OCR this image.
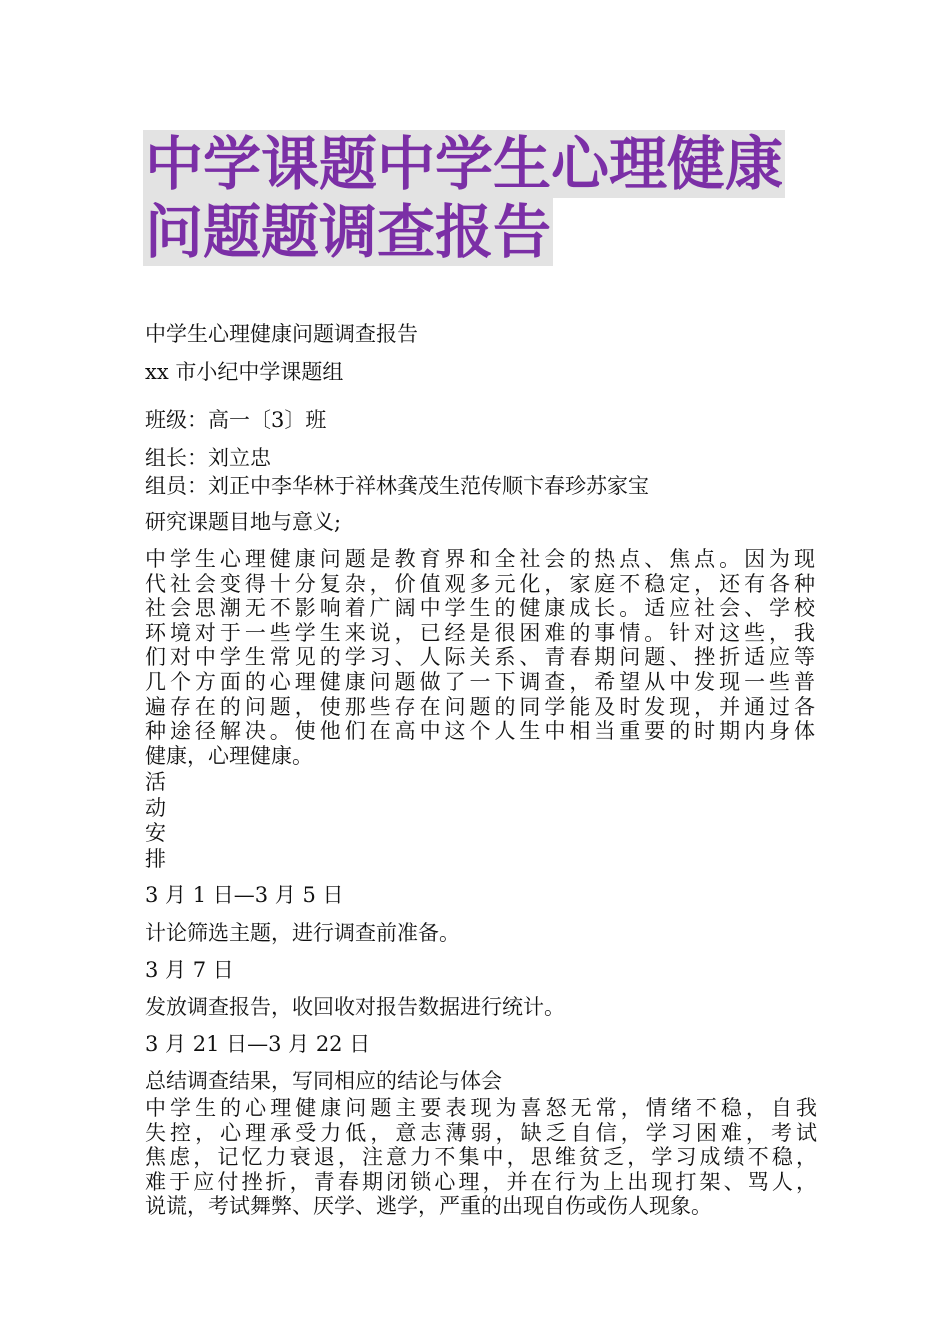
中学课题中学生心理健康
问题题调查报告
中学生心理健康问题调查报告
xx 市小纪中学课题组
班级：高一〔3〕班
组长：刘立忠
组员：刘正中李华林于祥林龚茂生范传顺卞春珍苏家宝
研究课题目地与意义;
中学生心理健康问题是教育界和全社会的热点、焦点。因为现
代社会变得十分复杂，价值观多元化，家庭不稳定，还有各种
社会思潮无不影响着广阔中学生的健康成长。适应社会、学校
环境对于一些学生来说，已经是很困难的事情。针对这些，我
们对中学生常见的学习、人际关系、青春期问题、挫折适应等
几个方面的心理健康问题做了一下调查，希望从中发现一些普
遍存在的问题，使那些存在问题的同学能及时发现，并通过各
种途径解决。使他们在高中这个人生中相当重要的时期内身体
健康，心理健康。
活
动
安
排
3 月 1 日—3 月 5 日
计论筛选主题，进行调查前准备。
3 月 7 日
发放调查报告，收回收对报告数据进行统计。
3 月 21 日—3 月 22 日
总结调查结果，写同相应的结论与体会
中学生的心理健康问题主要表现为喜怒无常，情绪不稳，自我
失控，心理承受力低，意志薄弱，缺乏自信，学习困难，考试
焦虑，记忆力衰退，注意力不集中，思维贫乏，学习成绩不稳，
难于应付挫折，青春期闭锁心理，并在行为上出现打架、骂人，
说谎，考试舞弊、厌学、逃学，严重的出现自伤或伤人现象。
